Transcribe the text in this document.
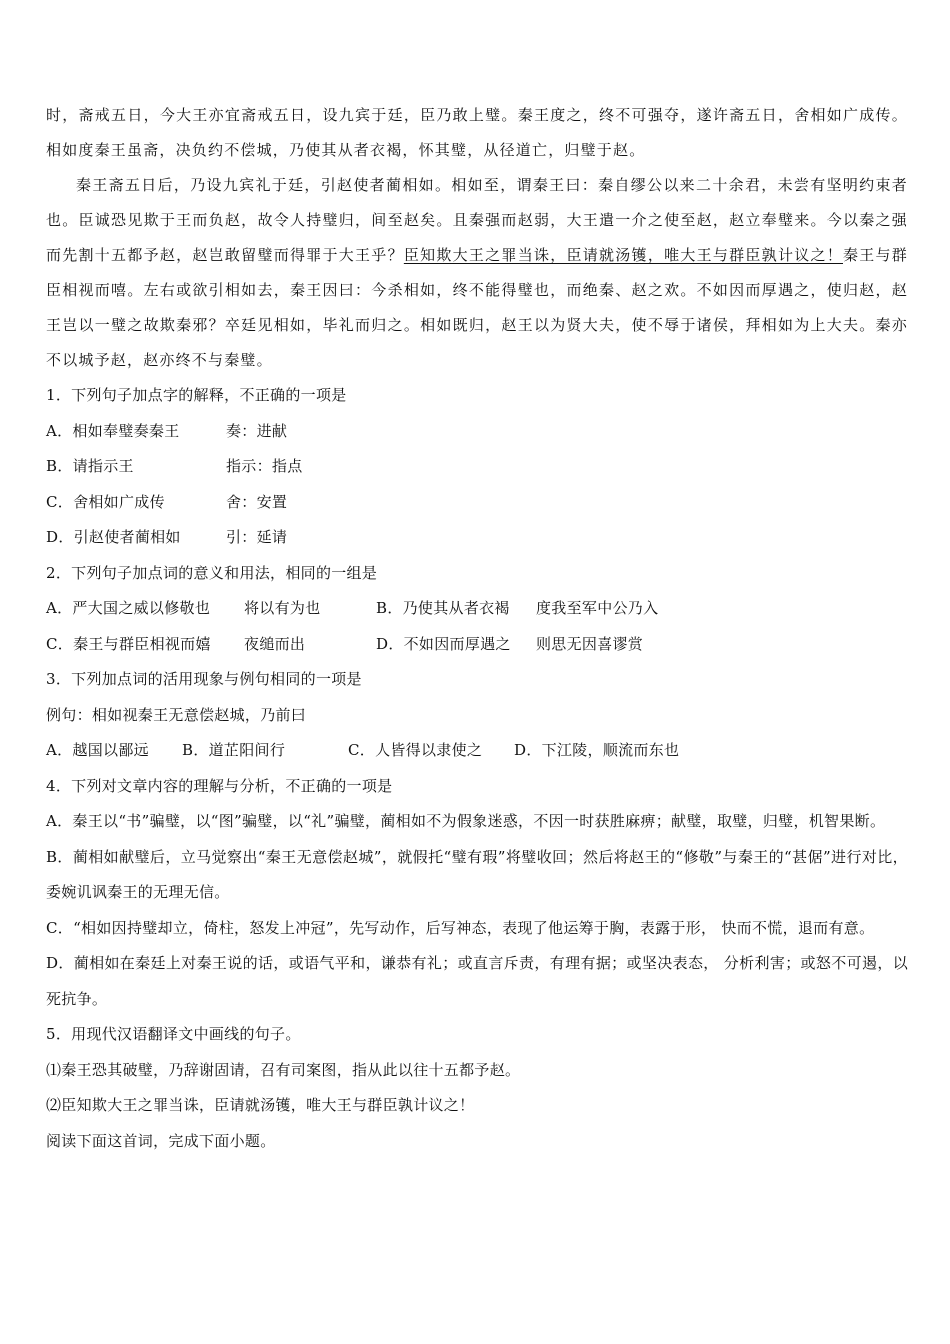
时，斋戒五日，今大王亦宜斋戒五日，设九宾于廷，臣乃敢上璧。秦王度之，终不可强夺，遂许斋五日，舍相如广成传。相如度秦王虽斋，决负约不偿城，乃使其从者衣褐，怀其璧，从径道亡，归璧于赵。

秦王斋五日后，乃设九宾礼于廷，引赵使者蔺相如。相如至，谓秦王曰：秦自缪公以来二十余君，未尝有坚明约束者也。臣诚恐见欺于王而负赵，故令人持璧归，间至赵矣。且秦强而赵弱，大王遣一介之使至赵，赵立奉璧来。今以秦之强而先割十五都予赵，赵岂敢留璧而得罪于大王乎？臣知欺大王之罪当诛，臣请就汤镬，唯大王与群臣孰计议之！秦王与群臣相视而嘻。左右或欲引相如去，秦王因曰：今杀相如，终不能得璧也，而绝秦、赵之欢。不如因而厚遇之，使归赵，赵王岂以一璧之故欺秦邪？卒廷见相如，毕礼而归之。相如既归，赵王以为贤大夫，使不辱于诸侯，拜相如为上大夫。秦亦不以城予赵，赵亦终不与秦璧。

1．下列句子加点字的解释，不正确的一项是

A．相如奉璧奏秦王	奏：进献

B．请指示王	指示：指点

C．舍相如广成传	舍：安置

D．引赵使者蔺相如	引：延请

2．下列句子加点词的意义和用法，相同的一组是

A．严大国之威以修敬也 将以有为也	B．乃使其从者衣褐 度我至军中公乃入

C．秦王与群臣相视而嬉 夜缒而出	D．不如因而厚遇之 则思无因喜谬赏

3．下列加点词的活用现象与例句相同的一项是

例句：相如视秦王无意偿赵城，乃前曰

A．越国以鄙远 B．道芷阳间行	C．人皆得以隶使之 D．下江陵，顺流而东也

4．下列对文章内容的理解与分析，不正确的一项是

A．秦王以“书”骗璧，以“图”骗璧，以“礼”骗璧，蔺相如不为假象迷惑，不因一时获胜麻痹；献璧，取璧，归璧，机智果断。

B．蔺相如献璧后，立马觉察出“秦王无意偿赵城”，就假托“璧有瑕”将璧收回；然后将赵王的“修敬”与秦王的“甚倨”进行对比，委婉讥讽秦王的无理无信。

C．“相如因持璧却立，倚柱，怒发上冲冠”，先写动作，后写神态，表现了他运筹于胸，表露于形， 快而不慌，退而有意。

D．蔺相如在秦廷上对秦王说的话，或语气平和，谦恭有礼；或直言斥责，有理有据；或坚决表态， 分析利害；或怒不可遏，以死抗争。

5．用现代汉语翻译文中画线的句子。

⑴秦王恐其破璧，乃辞谢固请，召有司案图，指从此以往十五都予赵。

⑵臣知欺大王之罪当诛，臣请就汤镬，唯大王与群臣孰计议之！

阅读下面这首词，完成下面小题。
